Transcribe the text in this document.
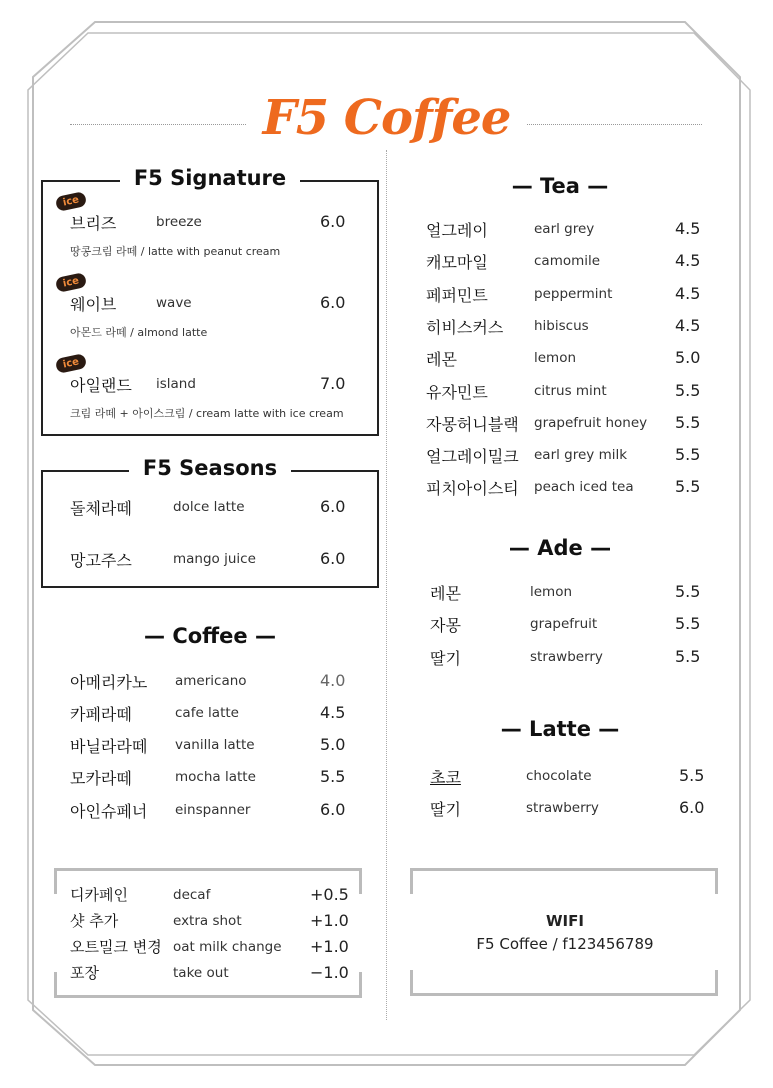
F5 Coffee
F5 Signature
ice
브리즈	breeze	6.0
땅콩크림 라떼 / latte with peanut cream
ice
웨이브	wave	6.0
아몬드 라떼 / almond latte
ice
아일랜드 island	7.0
크림 라떼 + 아이스크림 / cream latte with ice cream
F5 Seasons
돌체라떼	dolce latte	6.0
망고주스	mango juice	6.0
— Coffee —
아메리카노 americano	4.0
카페라떼	cafe latte	4.5
바닐라라떼 vanilla latte	5.0
모카라떼	mocha latte	5.5
아인슈페너 einspanner	6.0
디카페인	decaf	+0.5
샷 추가	extra shot	+1.0
오트밀크 변경 oat milk change +1.0
포장	take out	−1.0
— Tea —
얼그레이	earl grey	4.5
캐모마일	camomile	4.5
페퍼민트	peppermint	4.5
히비스커스 hibiscus	4.5
레몬	lemon	5.0
유자민트	citrus mint	5.5
자몽허니블랙 grapefruit honey 5.5
얼그레이밀크 earl grey milk	5.5
피치아이스티 peach iced tea	5.5
— Ade —
레몬	lemon	5.5
자몽	grapefruit	5.5
딸기	strawberry	5.5
— Latte —
초코	chocolate	5.5
딸기	strawberry	6.0
WIFI
F5 Coffee / f123456789
